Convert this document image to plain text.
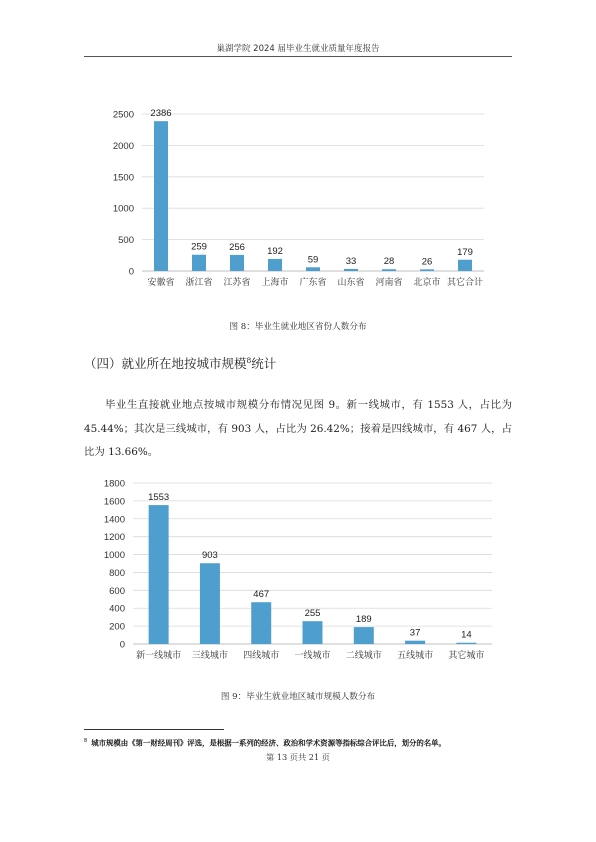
巢湖学院 2024 届毕业生就业质量年度报告
0
500
1000
1500
2000
2500 2386
安徽省
259
浙江省
256
江苏省
192
上海市
59
广东省
33
山东省
28
河南省
26
北京市
179
其它合计
图 8：毕业生就业地区省份人数分布
（四）就业所在地按城市规模$^8$统计
毕业生直接就业地点按城市规模分布情况见图 9。新一线城市，有 1553 人，占比为 45.44%；其次是三线城市，有 903 人，占比为 26.42%；接着是四线城市，有 467 人，占比为 13.66%。
0
200
400
600
800
1000
1200
1400
1600
1800
1553
新一线城市
903
三线城市
467
四线城市
255
一线城市
189
二线城市
37
五线城市
14
其它城市
图 9：毕业生就业地区城市规模人数分布
$^8$ 城市规模由《第一财经周刊》评选，是根据一系列的经济、政治和学术资源等指标综合评比后，划分的名单。
第 13 页共 21 页
